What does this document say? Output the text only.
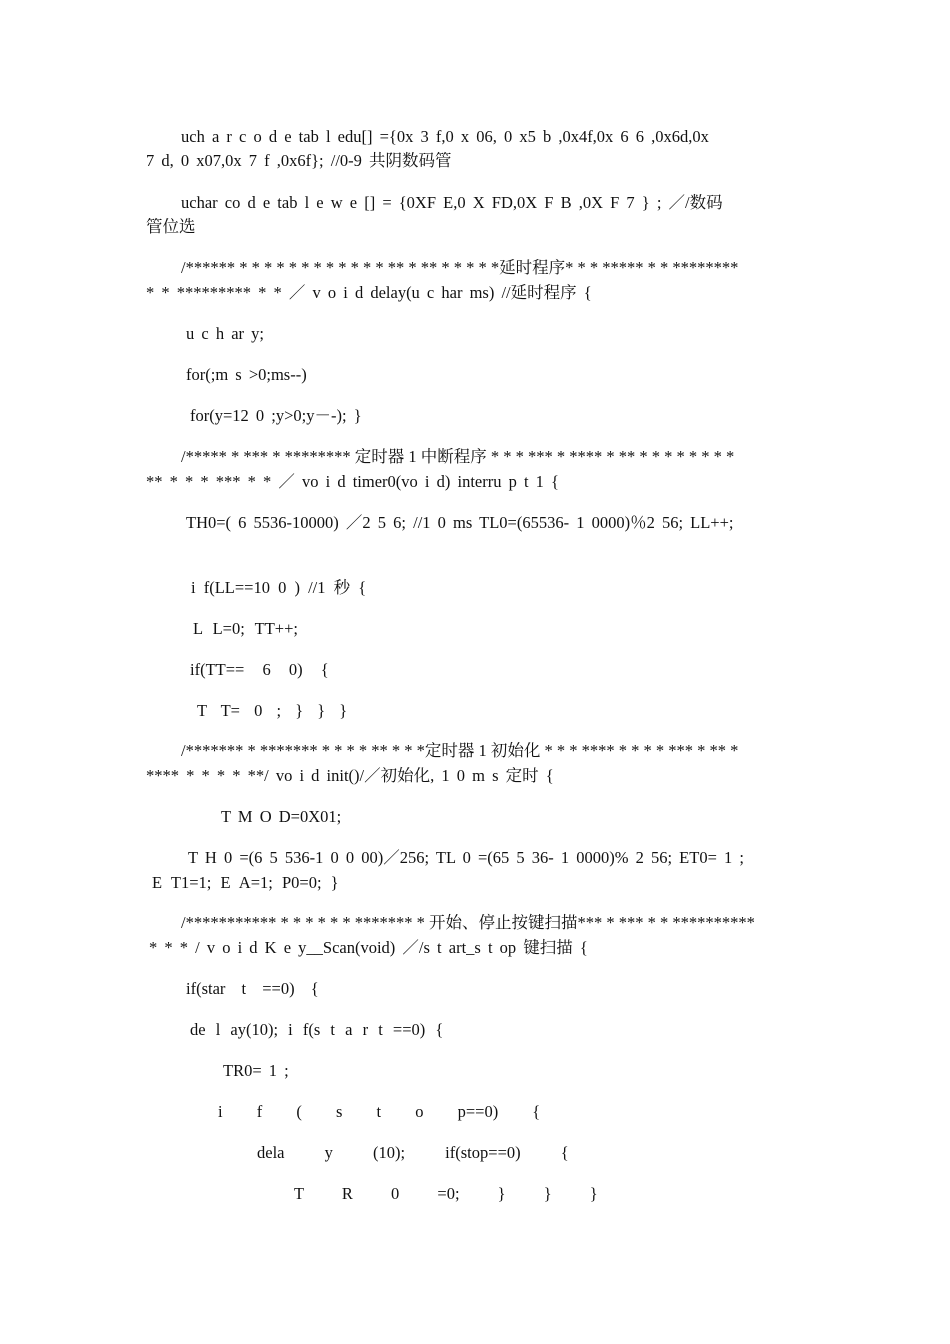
uch a r c o d e tab l edu[] ={0x 3 f,0 x 06, 0 x5 b ,0x4f,0x 6 6 ,0x6d,0x
7 d, 0 x07,0x 7 f ,0x6f}; //0-9 共阴数码管
uchar co d e tab l e w e [] = {0XF E,0 X FD,0X F B ,0X F 7 } ; ／/数码
管位选
/****** * * * * * * * * * * * * ** * ** * * * * *延时程序* * * ***** * * ********
* * ********* * * ／ v o i d delay(u c har ms) //延时程序 {
u c h ar y;
for(;m s >0;ms--)
for(y=12 0 ;y>0;y－-); }
/***** * *** * ******** 定时器 1 中断程序 * * * *** * **** * ** * * * * * * * *
** * * * *** * * ／ vo i d timer0(vo i d) interru p t 1 {
TH0=( 6 5536-10000) ／2 5 6; //1 0 ms TL0=(65536- 1 0000)％2 56; LL++;
i f(LL==10 0 ) //1 秒 {
L L=0; TT++;
if(TT== 6 0) {
T T= 0 ; } } }
/******* * ******* * * * * ** * * *定时器 1 初始化 * * * **** * * * * *** * ** *
**** * * * * **/ vo i d init()/／初始化, 1 0 m s 定时 {
T M O D=0X01;
T H 0 =(6 5 536-1 0 0 00)／256; TL 0 =(65 5 36- 1 0000)% 2 56; ET0= 1 ;
E T1=1; E A=1; P0=0; }
/*********** * * * * * * ******* * 开始、停止按键扫描*** * *** * * **********
* * * / v o i d K e y__Scan(void) ／/s t art_s t op 键扫描 {
if(star t ==0) {
de l ay(10); i f(s t a r t ==0) {
TR0= 1 ;
i f ( s t o p==0) {
dela y (10); if(stop==0) {
T R 0 =0; } } }
